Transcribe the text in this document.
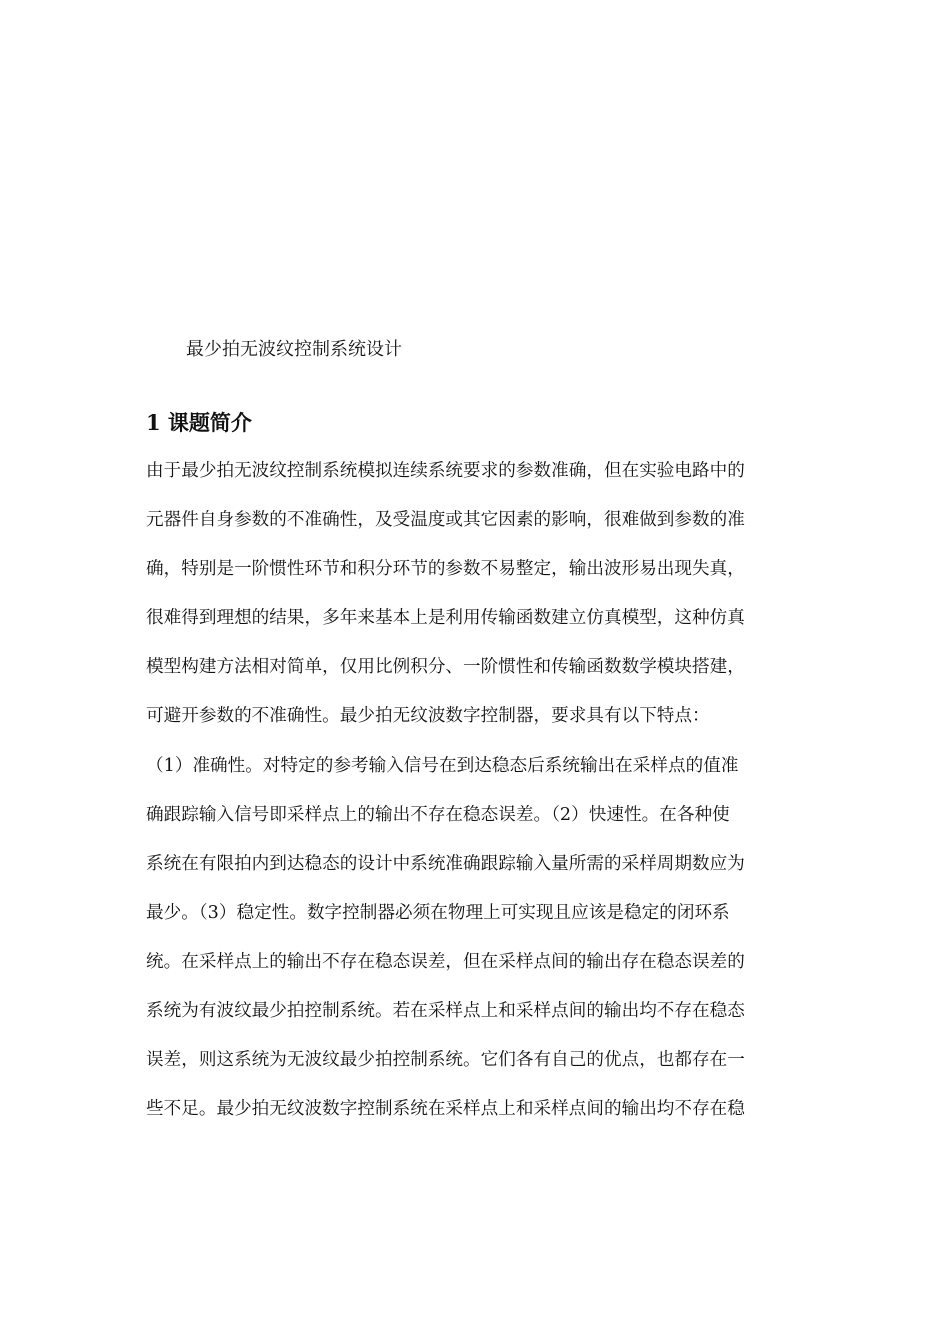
最少拍无波纹控制系统设计
1 课题简介
由于最少拍无波纹控制系统模拟连续系统要求的参数准确，但在实验电路中的
元器件自身参数的不准确性，及受温度或其它因素的影响，很难做到参数的准
确，特别是一阶惯性环节和积分环节的参数不易整定，输出波形易出现失真，
很难得到理想的结果，多年来基本上是利用传输函数建立仿真模型，这种仿真
模型构建方法相对简单，仅用比例积分、一阶惯性和传输函数数学模块搭建，
可避开参数的不准确性。最少拍无纹波数字控制器，要求具有以下特点：
（1）准确性。对特定的参考输入信号在到达稳态后系统输出在采样点的值准
确跟踪输入信号即采样点上的输出不存在稳态误差。（2）快速性。在各种使
系统在有限拍内到达稳态的设计中系统准确跟踪输入量所需的采样周期数应为
最少。（3）稳定性。数字控制器必须在物理上可实现且应该是稳定的闭环系
统。在采样点上的输出不存在稳态误差，但在采样点间的输出存在稳态误差的
系统为有波纹最少拍控制系统。若在采样点上和采样点间的输出均不存在稳态
误差，则这系统为无波纹最少拍控制系统。它们各有自己的优点，也都存在一
些不足。最少拍无纹波数字控制系统在采样点上和采样点间的输出均不存在稳
